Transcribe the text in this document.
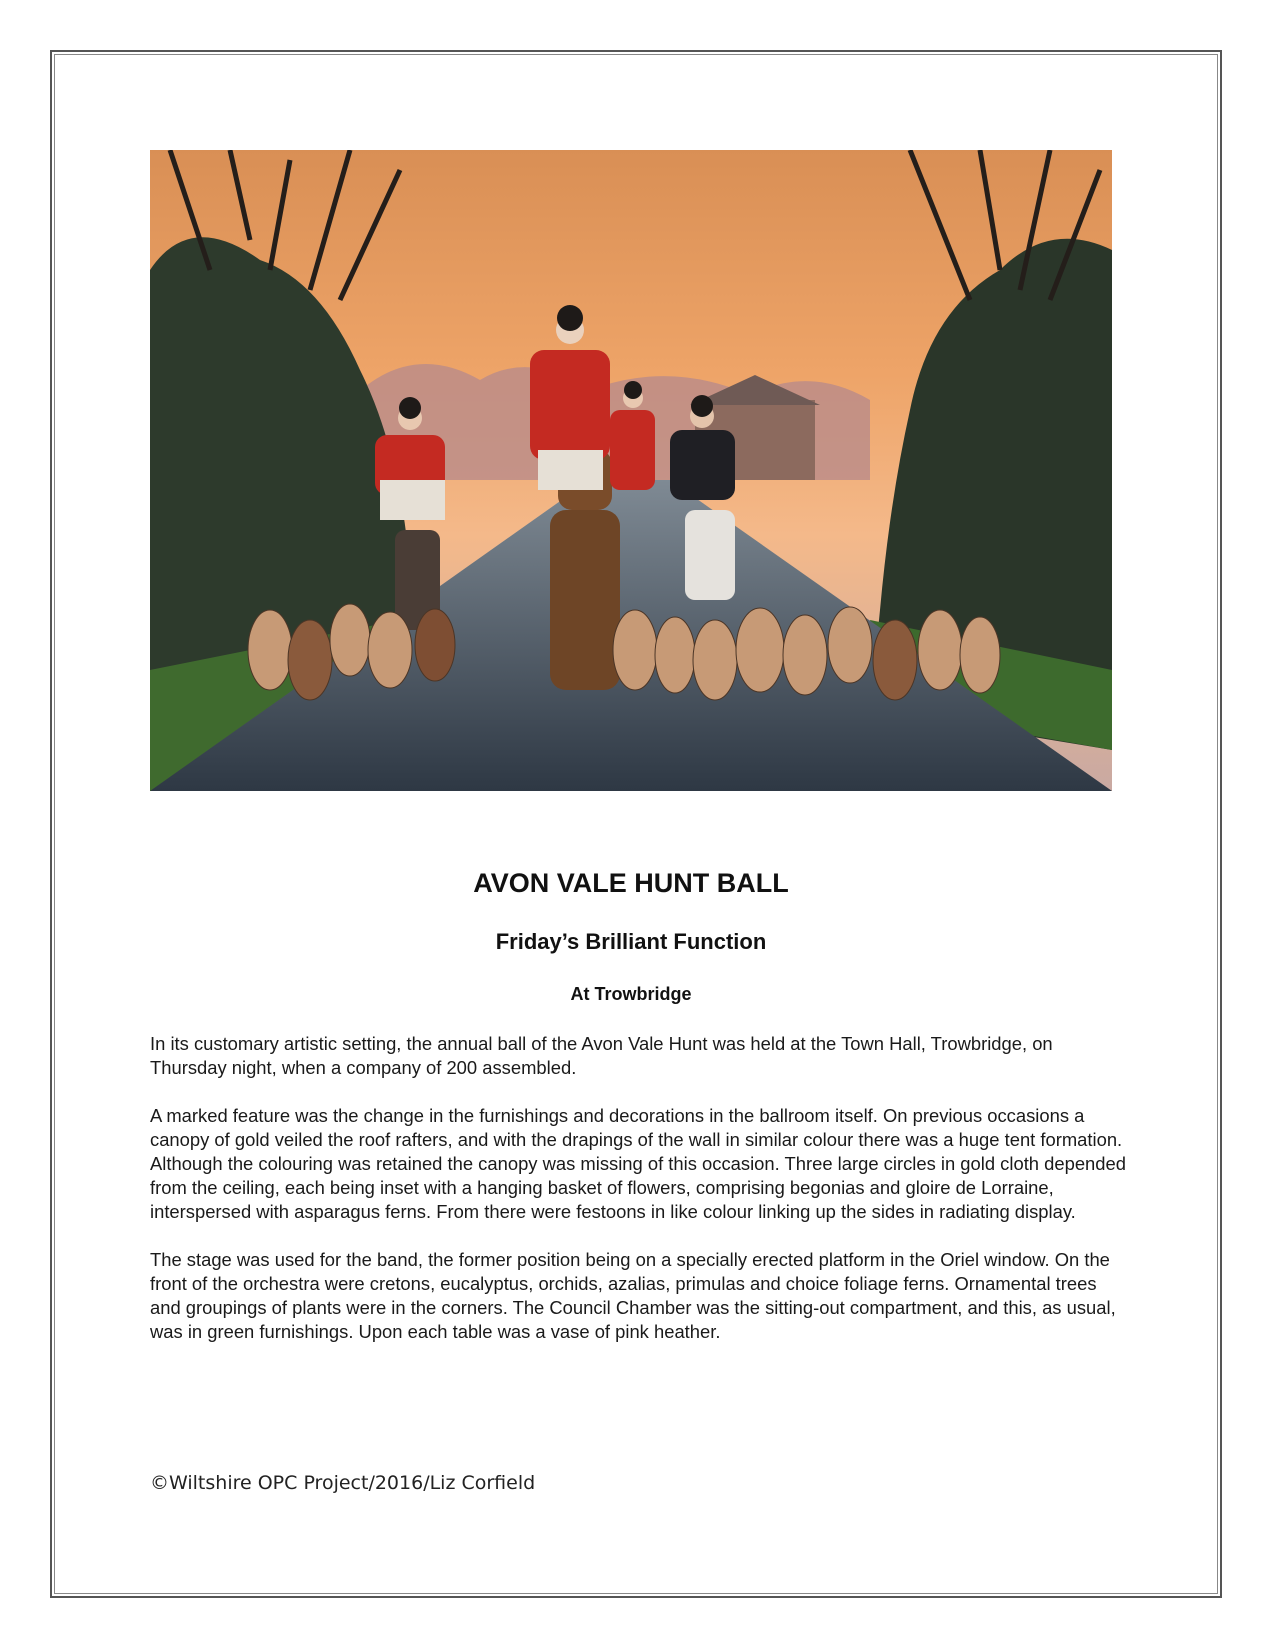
AVON VALE HUNT BALL
Friday’s Brilliant Function
At Trowbridge

In its customary artistic setting, the annual ball of the Avon Vale Hunt was held at the Town Hall, Trowbridge, on Thursday night, when a company of 200 assembled.

A marked feature was the change in the furnishings and decorations in the ballroom itself. On previous occasions a canopy of gold veiled the roof rafters, and with the drapings of the wall in similar colour there was a huge tent formation. Although the colouring was retained the canopy was missing of this occasion. Three large circles in gold cloth depended from the ceiling, each being inset with a hanging basket of flowers, comprising begonias and gloire de Lorraine, interspersed with asparagus ferns. From there were festoons in like colour linking up the sides in radiating display.

The stage was used for the band, the former position being on a specially erected platform in the Oriel window. On the front of the orchestra were cretons, eucalyptus, orchids, azalias, primulas and choice foliage ferns. Ornamental trees and groupings of plants were in the corners. The Council Chamber was the sitting-out compartment, and this, as usual, was in green furnishings. Upon each table was a vase of pink heather.

©Wiltshire OPC Project/2016/Liz Corfield
